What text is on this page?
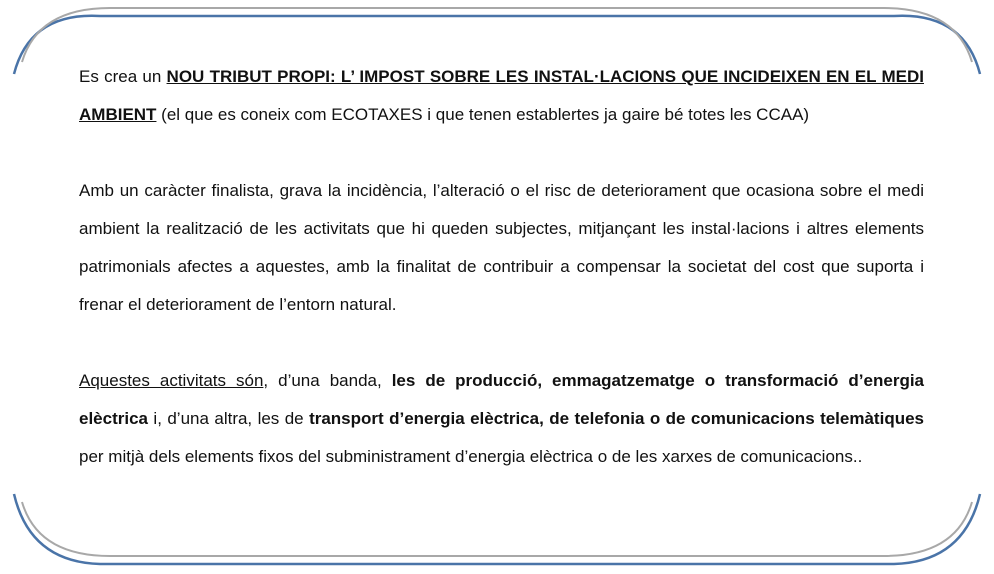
Es crea un NOU TRIBUT PROPI: L’ IMPOST SOBRE LES INSTAL·LACIONS QUE INCIDEIXEN EN EL MEDI AMBIENT (el que es coneix com ECOTAXES i que tenen establertes ja gaire bé totes les CCAA)

Amb un caràcter finalista, grava la incidència, l’alteració o el risc de deteriorament que ocasiona sobre el medi ambient la realització de les activitats que hi queden subjectes, mitjançant les instal·lacions i altres elements patrimonials afectes a aquestes, amb la finalitat de contribuir a compensar la societat del cost que suporta i frenar el deteriorament de l’entorn natural.

Aquestes activitats són, d’una banda, les de producció, emmagatzematge o transformació d’energia elèctrica i, d’una altra, les de transport d’energia elèctrica, de telefonia o de comunicacions telemàtiques per mitjà dels elements fixos del subministrament d’energia elèctrica o de les xarxes de comunicacions..
